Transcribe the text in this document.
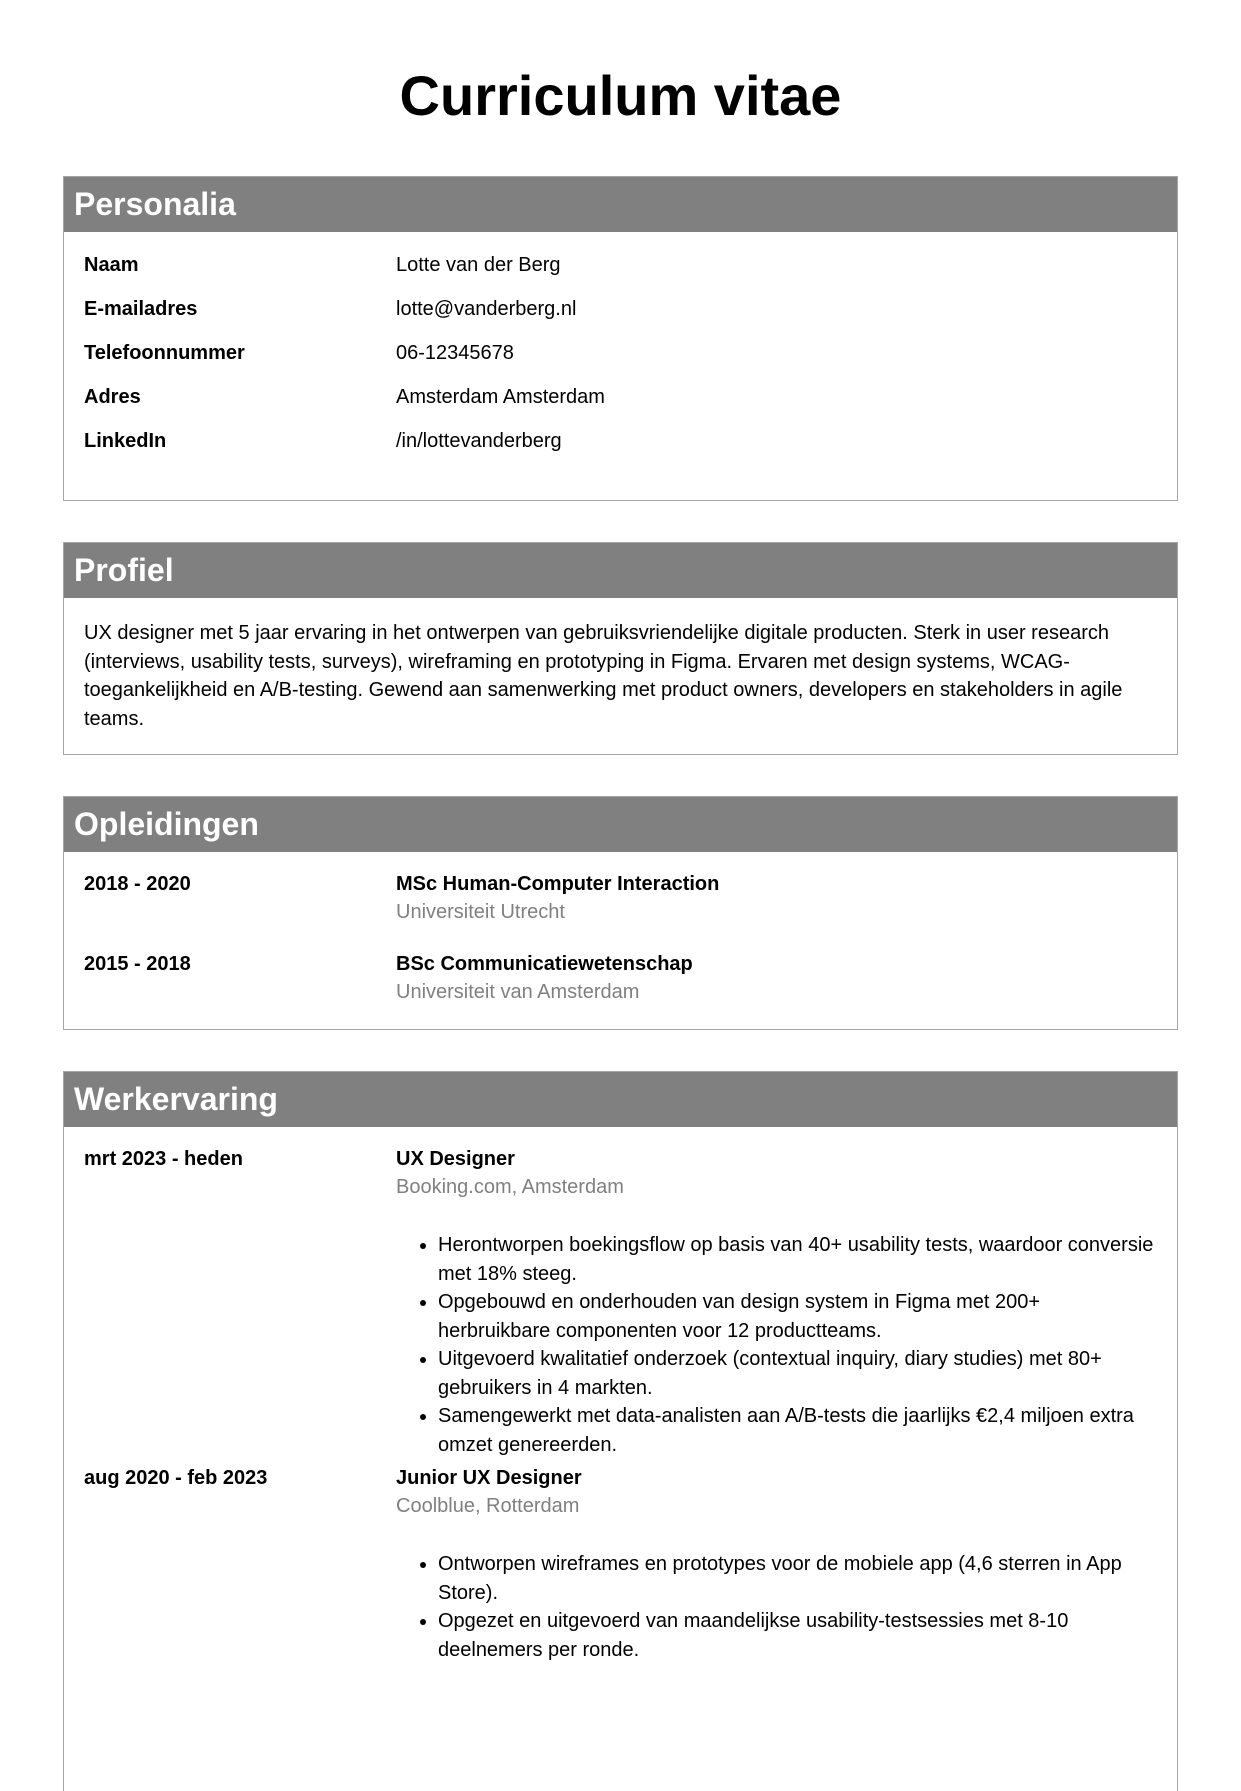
Curriculum vitae
Personalia
Naam	Lotte van der Berg
E-mailadres	lotte@vanderberg.nl
Telefoonnummer	06-12345678
Adres	Amsterdam Amsterdam
LinkedIn	/in/lottevanderberg
Profiel
UX designer met 5 jaar ervaring in het ontwerpen van gebruiksvriendelijke digitale producten. Sterk in user research (interviews, usability tests, surveys), wireframing en prototyping in Figma. Ervaren met design systems, WCAG-toegankelijkheid en A/B-testing. Gewend aan samenwerking met product owners, developers en stakeholders in agile teams.
Opleidingen
2018 - 2020	MSc Human-Computer Interaction
Universiteit Utrecht
2015 - 2018	BSc Communicatiewetenschap
Universiteit van Amsterdam
Werkervaring
mrt 2023 - heden	UX Designer
Booking.com, Amsterdam
• Herontworpen boekingsflow op basis van 40+ usability tests, waardoor conversie met 18% steeg.
• Opgebouwd en onderhouden van design system in Figma met 200+ herbruikbare componenten voor 12 productteams.
• Uitgevoerd kwalitatief onderzoek (contextual inquiry, diary studies) met 80+ gebruikers in 4 markten.
• Samengewerkt met data-analisten aan A/B-tests die jaarlijks €2,4 miljoen extra omzet genereerden.
aug 2020 - feb 2023	Junior UX Designer
Coolblue, Rotterdam
• Ontworpen wireframes en prototypes voor de mobiele app (4,6 sterren in App Store).
• Opgezet en uitgevoerd van maandelijkse usability-testsessies met 8-10 deelnemers per ronde.
